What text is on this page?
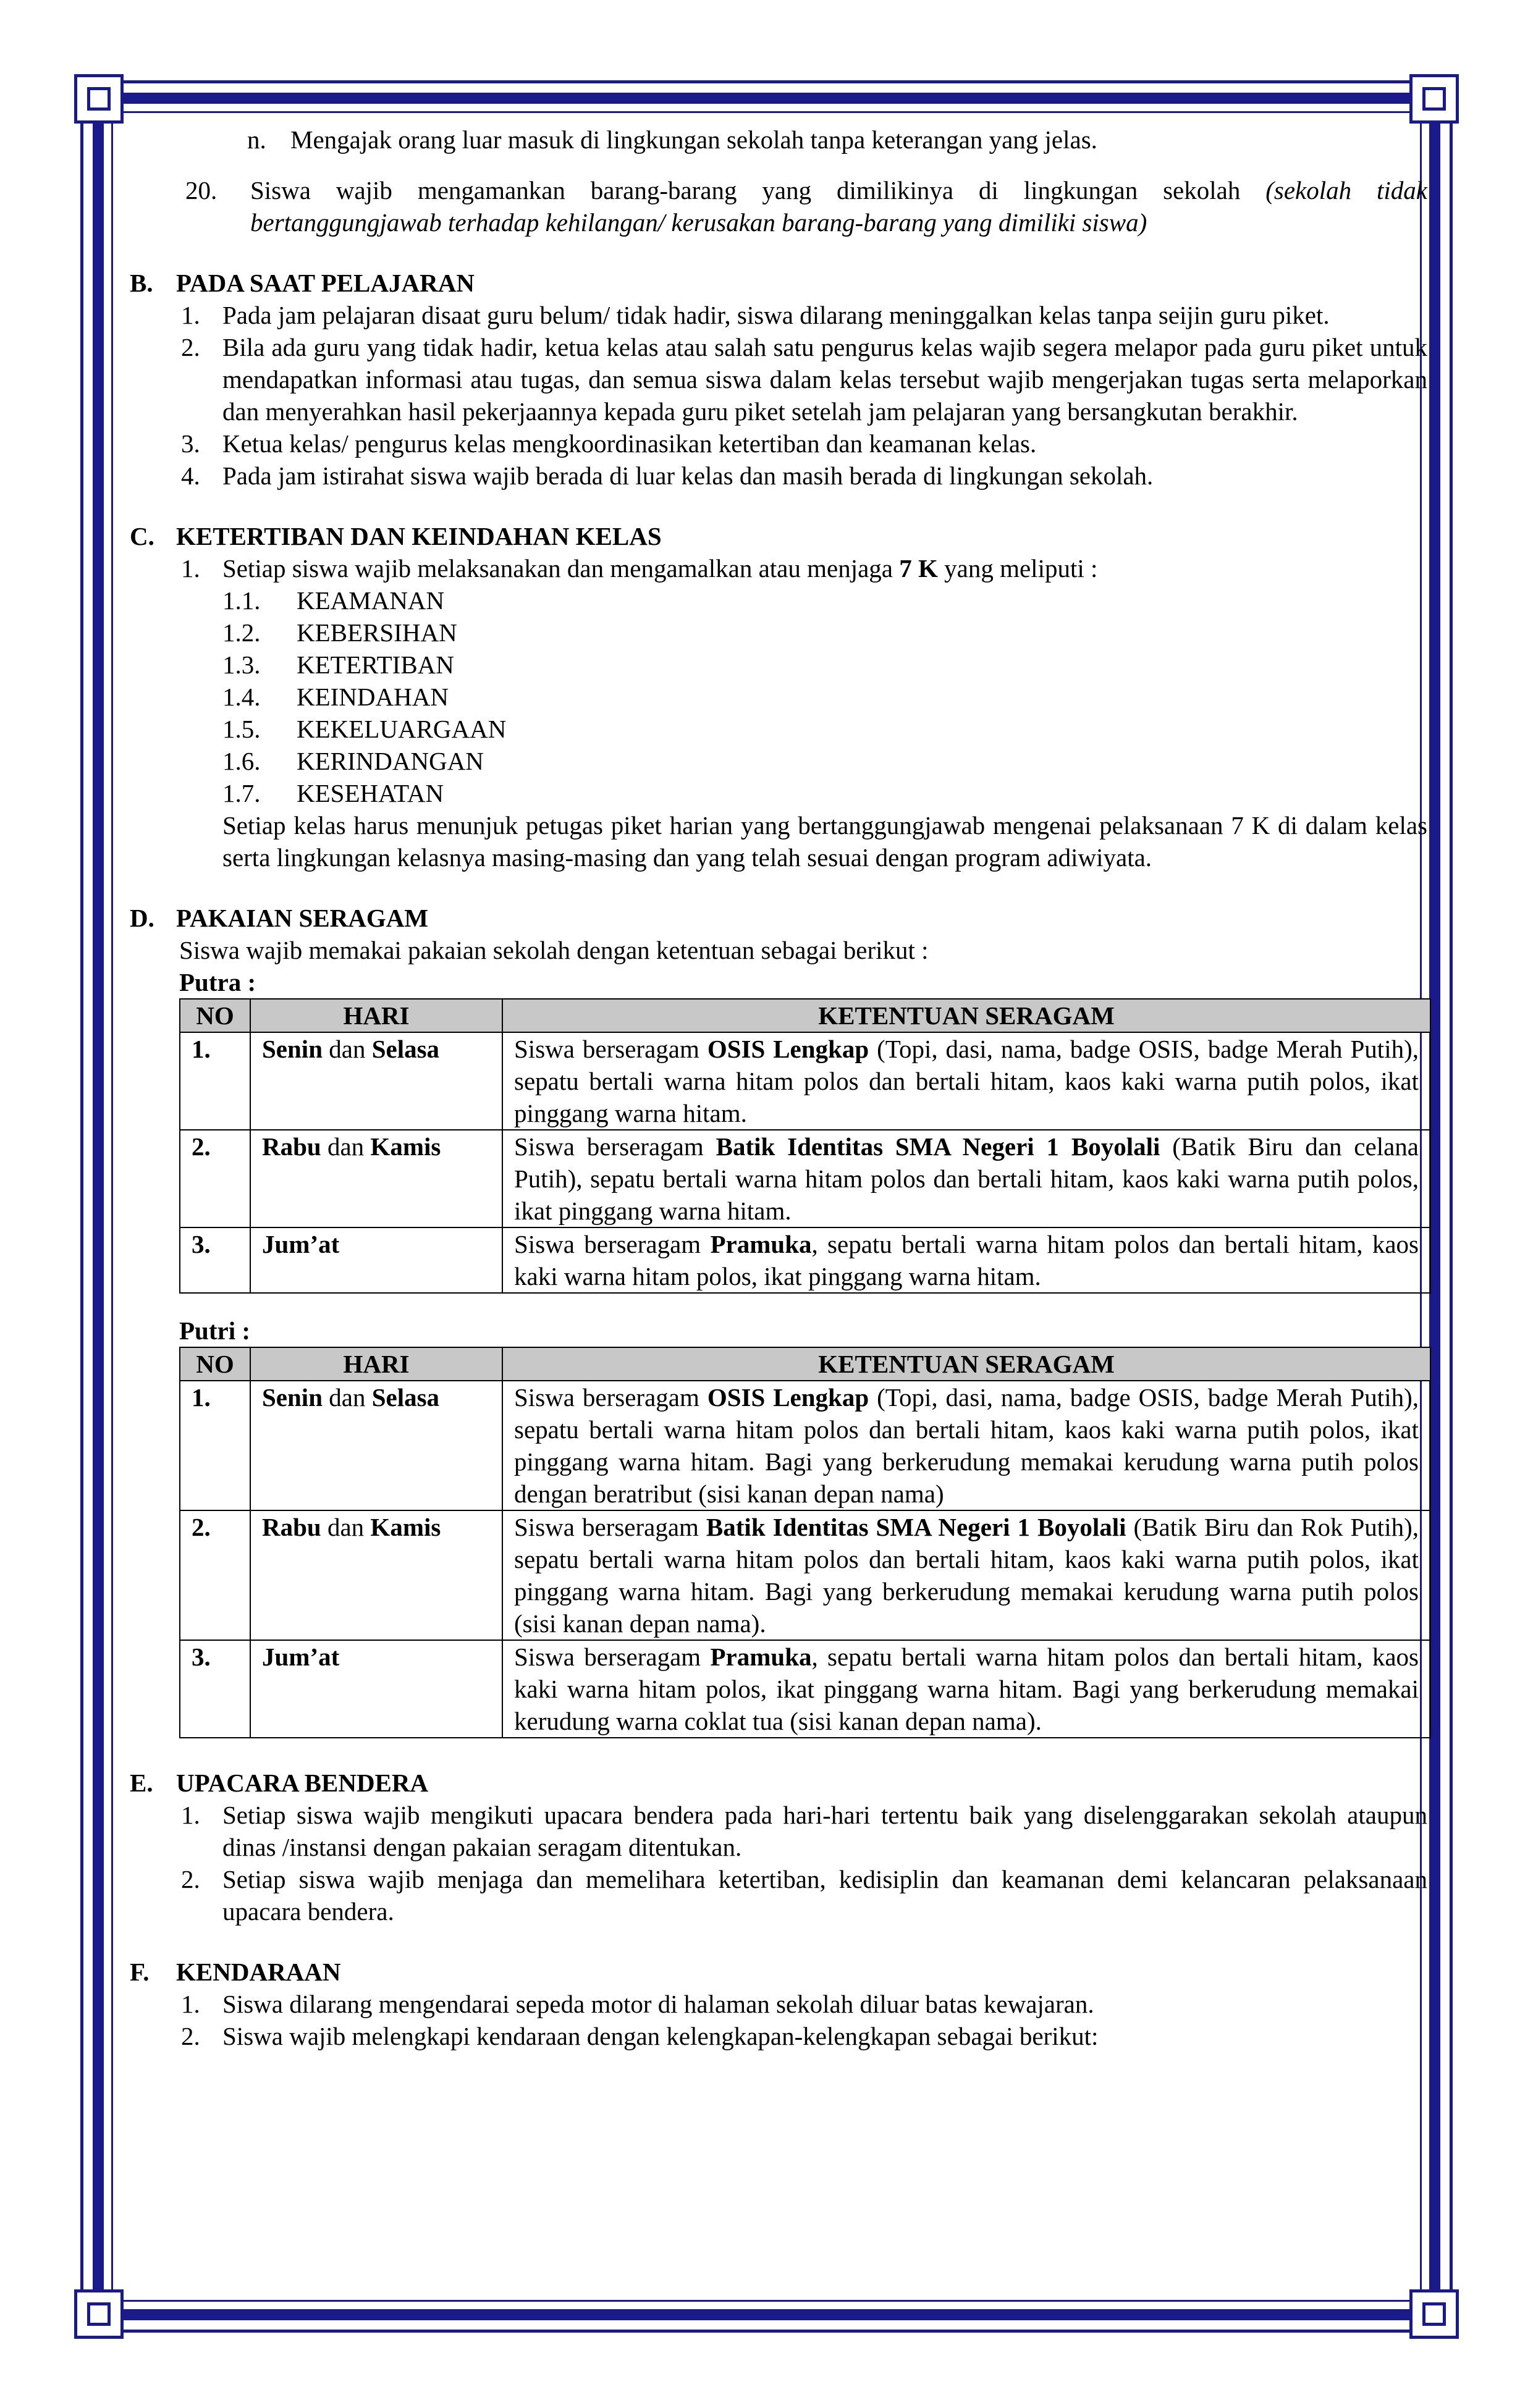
n. Mengajak orang luar masuk di lingkungan sekolah tanpa keterangan yang jelas.
20. Siswa wajib mengamankan barang-barang yang dimilikinya di lingkungan sekolah (sekolah tidak bertanggungjawab terhadap kehilangan/ kerusakan barang-barang yang dimiliki siswa)
B. PADA SAAT PELAJARAN
1. Pada jam pelajaran disaat guru belum/ tidak hadir, siswa dilarang meninggalkan kelas tanpa seijin guru piket.
2. Bila ada guru yang tidak hadir, ketua kelas atau salah satu pengurus kelas wajib segera melapor pada guru piket untuk mendapatkan informasi atau tugas, dan semua siswa dalam kelas tersebut wajib mengerjakan tugas serta melaporkan dan menyerahkan hasil pekerjaannya kepada guru piket setelah jam pelajaran yang bersangkutan berakhir.
3. Ketua kelas/ pengurus kelas mengkoordinasikan ketertiban dan keamanan kelas.
4. Pada jam istirahat siswa wajib berada di luar kelas dan masih berada di lingkungan sekolah.
C. KETERTIBAN DAN KEINDAHAN KELAS
1. Setiap siswa wajib melaksanakan dan mengamalkan atau menjaga 7 K yang meliputi :
1.1. KEAMANAN
1.2. KEBERSIHAN
1.3. KETERTIBAN
1.4. KEINDAHAN
1.5. KEKELUARGAAN
1.6. KERINDANGAN
1.7. KESEHATAN
Setiap kelas harus menunjuk petugas piket harian yang bertanggungjawab mengenai pelaksanaan 7 K di dalam kelas serta lingkungan kelasnya masing-masing dan yang telah sesuai dengan program adiwiyata.
D. PAKAIAN SERAGAM
Siswa wajib memakai pakaian sekolah dengan ketentuan sebagai berikut :
Putra :
NO	HARI	KETENTUAN SERAGAM
1.	Senin dan Selasa	Siswa berseragam OSIS Lengkap (Topi, dasi, nama, badge OSIS, badge Merah Putih), sepatu bertali warna hitam polos dan bertali hitam, kaos kaki warna putih polos, ikat pinggang warna hitam.
2.	Rabu dan Kamis	Siswa berseragam Batik Identitas SMA Negeri 1 Boyolali (Batik Biru dan celana Putih), sepatu bertali warna hitam polos dan bertali hitam, kaos kaki warna putih polos, ikat pinggang warna hitam.
3.	Jum’at	Siswa berseragam Pramuka, sepatu bertali warna hitam polos dan bertali hitam, kaos kaki warna hitam polos, ikat pinggang warna hitam.
Putri :
NO	HARI	KETENTUAN SERAGAM
1.	Senin dan Selasa	Siswa berseragam OSIS Lengkap (Topi, dasi, nama, badge OSIS, badge Merah Putih), sepatu bertali warna hitam polos dan bertali hitam, kaos kaki warna putih polos, ikat pinggang warna hitam. Bagi yang berkerudung memakai kerudung warna putih polos dengan beratribut (sisi kanan depan nama)
2.	Rabu dan Kamis	Siswa berseragam Batik Identitas SMA Negeri 1 Boyolali (Batik Biru dan Rok Putih), sepatu bertali warna hitam polos dan bertali hitam, kaos kaki warna putih polos, ikat pinggang warna hitam. Bagi yang berkerudung memakai kerudung warna putih polos (sisi kanan depan nama).
3.	Jum’at	Siswa berseragam Pramuka, sepatu bertali warna hitam polos dan bertali hitam, kaos kaki warna hitam polos, ikat pinggang warna hitam. Bagi yang berkerudung memakai kerudung warna coklat tua (sisi kanan depan nama).
E. UPACARA BENDERA
1. Setiap siswa wajib mengikuti upacara bendera pada hari-hari tertentu baik yang diselenggarakan sekolah ataupun dinas /instansi dengan pakaian seragam ditentukan.
2. Setiap siswa wajib menjaga dan memelihara ketertiban, kedisiplin dan keamanan demi kelancaran pelaksanaan upacara bendera.
F. KENDARAAN
1. Siswa dilarang mengendarai sepeda motor di halaman sekolah diluar batas kewajaran.
2. Siswa wajib melengkapi kendaraan dengan kelengkapan-kelengkapan sebagai berikut:
